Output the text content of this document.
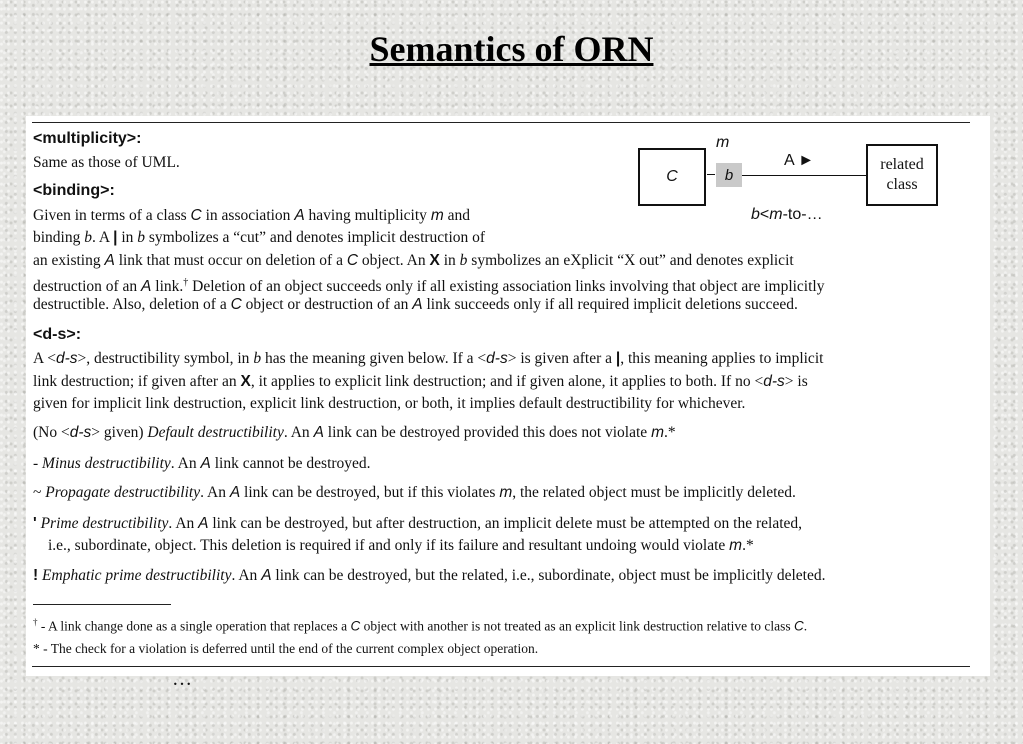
Semantics of ORN
m
C	b
A ►	related class
b<m-to-…
<multiplicity>:
Same as those of UML.
<binding>:
Given in terms of a class C in association A having multiplicity m and
binding b. A | in b symbolizes a “cut” and denotes implicit destruction of
an existing A link that must occur on deletion of a C object. An X in b symbolizes an eXplicit “X out” and denotes explicit
destruction of an A link.† Deletion of an object succeeds only if all existing association links involving that object are implicitly
destructible. Also, deletion of a C object or destruction of an A link succeeds only if all required implicit deletions succeed.
<d-s>:
A <d-s>, destructibility symbol, in b has the meaning given below. If a <d-s> is given after a |, this meaning applies to implicit
link destruction; if given after an X, it applies to explicit link destruction; and if given alone, it applies to both. If no <d-s> is
given for implicit link destruction, explicit link destruction, or both, it implies default destructibility for whichever.
(No <d-s> given) Default destructibility. An A link can be destroyed provided this does not violate m.*
- Minus destructibility. An A link cannot be destroyed.
~ Propagate destructibility. An A link can be destroyed, but if this violates m, the related object must be implicitly deleted.
' Prime destructibility. An A link can be destroyed, but after destruction, an implicit delete must be attempted on the related,
i.e., subordinate, object. This deletion is required if and only if its failure and resultant undoing would violate m.*
! Emphatic prime destructibility. An A link can be destroyed, but the related, i.e., subordinate, object must be implicitly deleted.
† - A link change done as a single operation that replaces a C object with another is not treated as an explicit link destruction relative to class C.
* - The check for a violation is deferred until the end of the current complex object operation.
…
